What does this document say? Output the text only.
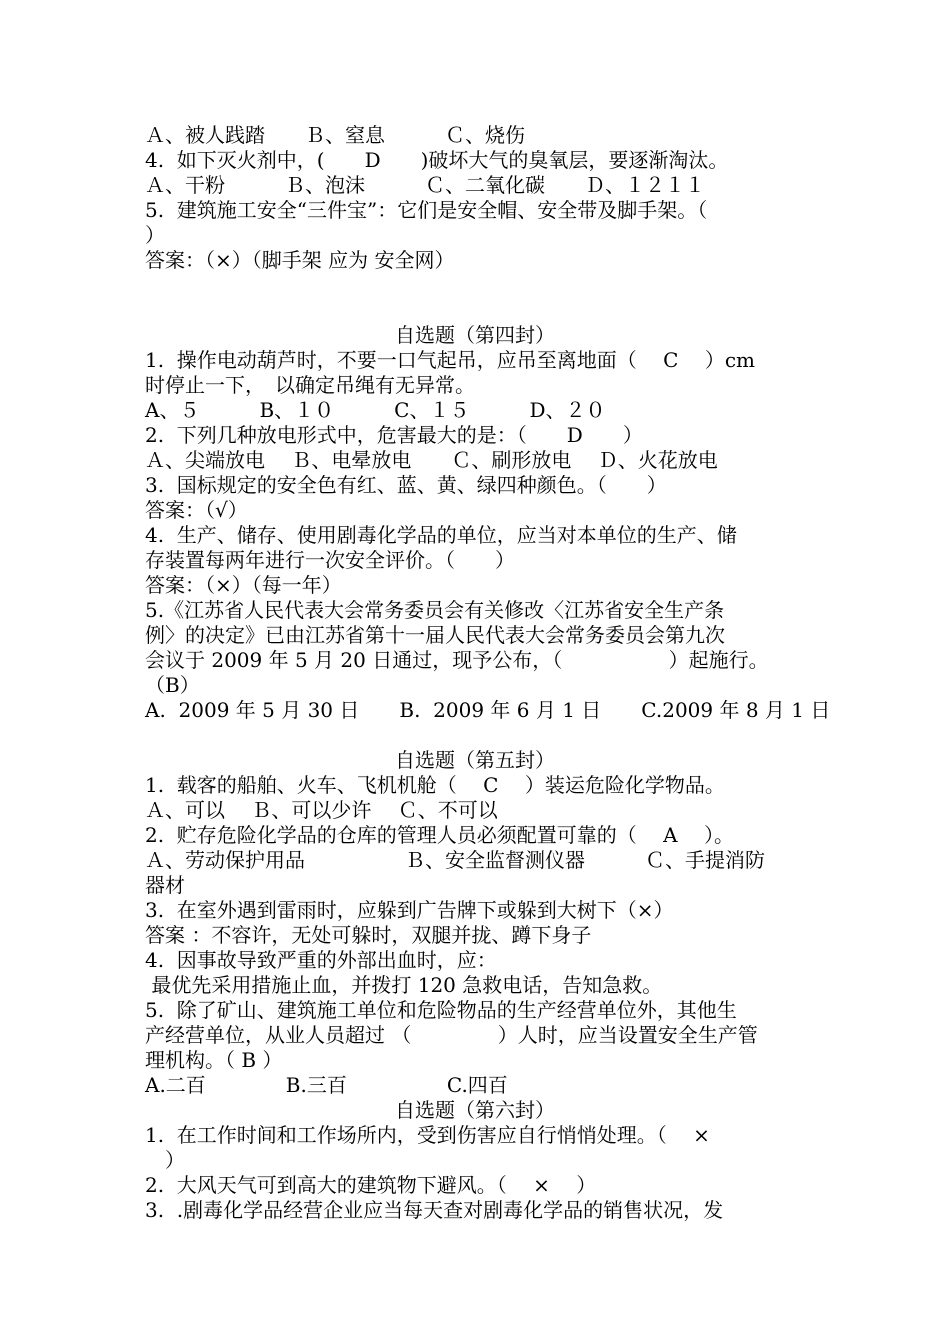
Ａ、被人践踏　　Ｂ、窒息　　　Ｃ、烧伤
4.  如下灭火剂中，(　　D　　)破坏大气的臭氧层，要逐渐淘汰。
Ａ、干粉　　　Ｂ、泡沫　　　Ｃ、二氧化碳　　Ｄ、１２１１
5.  建筑施工安全“三件宝”：它们是安全帽、安全带及脚手架。（
）
答案：（×）（脚手架 应为 安全网）
自选题（第四封）
1.  操作电动葫芦时，不要一口气起吊，应吊至离地面（　 C　 ）cm
时停止一下，　以确定吊绳有无异常。
A、５　　　B、１０　　　C、１５　　　D、２０
2.  下列几种放电形式中，危害最大的是：（　　D　　）
Ａ、尖端放电　 Ｂ、电晕放电　　Ｃ、刷形放电　 Ｄ、火花放电
3.  国标规定的安全色有红、蓝、黄、绿四种颜色。（　　）
答案：（√）
4.  生产、储存、使用剧毒化学品的单位，应当对本单位的生产、储
存装置每两年进行一次安全评价。（　　）
答案：（×）（每一年）
5.《江苏省人民代表大会常务委员会有关修改〈江苏省安全生产条
例〉的决定》已由江苏省第十一届人民代表大会常务委员会第九次
会议于 2009 年 5 月 20 日通过，现予公布，（　　　　　 ）起施行。
（B）
A.  2009 年 5 月 30 日　　B.  2009 年 6 月 1 日　　C.2009 年 8 月 1 日
自选题（第五封）
1.  载客的船舶、火车、飞机机舱（　 C　 ）装运危险化学物品。
Ａ、可以　 Ｂ、可以少许　 Ｃ、不可以
2.  贮存危险化学品的仓库的管理人员必须配置可靠的（　 A　 ）。
Ａ、劳动保护用品　　　　　Ｂ、安全监督测仪器　　　Ｃ、手提消防
器材
3.  在室外遇到雷雨时，应躲到广告牌下或躲到大树下（×）
答案 ：不容许，无处可躲时，双腿并拢、蹲下身子
4.  因事故导致严重的外部出血时，应：
最优先采用措施止血，并拨打 120 急救电话，告知急救。
5.  除了矿山、建筑施工单位和危险物品的生产经营单位外，其他生
产经营单位，从业人员超过 （　　　　 ）人时，应当设置安全生产管
理机构。（ B ）
A.二百　　　　B.三百　　　　　C.四百
自选题（第六封）
1.  在工作时间和工作场所内，受到伤害应自行悄悄处理。（　 ×
　）
2.  大风天气可到高大的建筑物下避风。（　 ×　 ）
3.  .剧毒化学品经营企业应当每天查对剧毒化学品的销售状况，发
